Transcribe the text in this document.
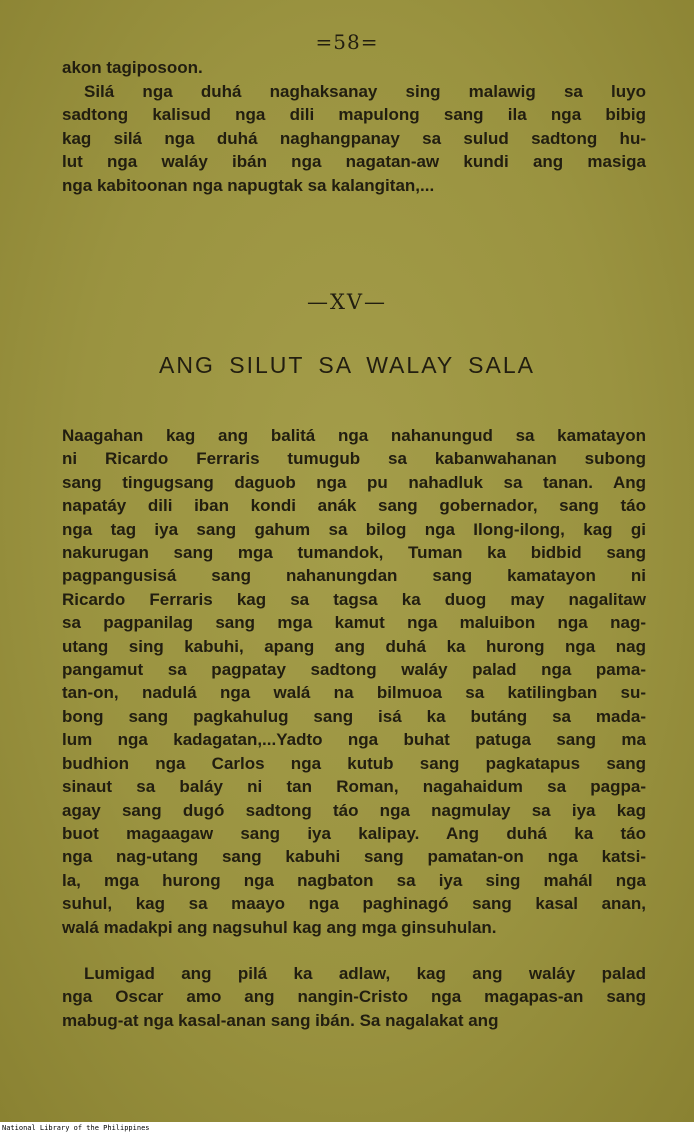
=58=
akon tagiposoon.
Silá nga duhá naghaksanay sing malawig sa luyo
sadtong kalisud nga dili mapulong sang ila nga bibig
kag silá nga duhá naghangpanay sa sulud sadtong hu-
lut nga waláy ibán nga nagatan-aw kundi ang masiga
nga kabitoonan nga napugtak sa kalangitan,...
—XV—
ANG SILUT SA WALAY SALA
Naagahan kag ang balitá nga nahanungud sa kamatayon
ni Ricardo Ferraris tumugub sa kabanwahanan subong
sang tingugsang daguob nga pu nahadluk sa tanan. Ang
napatáy dili iban kondi anák sang gobernador, sang táo
nga tag iya sang gahum sa bilog nga Ilong-ilong, kag gi
nakurugan sang mga tumandok, Tuman ka bidbid sang
pagpangusisá sang nahanungdan sang kamatayon ni
Ricardo Ferraris kag sa tagsa ka duog may nagalitaw
sa pagpanilag sang mga kamut nga maluibon nga nag-
utang sing kabuhi, apang ang duhá ka hurong nga nag
pangamut sa pagpatay sadtong waláy palad nga pama-
tan-on, nadulá nga walá na bilmuoa sa katilingban su-
bong sang pagkahulug sang isá ka butáng sa mada-
lum nga kadagatan,...Yadto nga buhat patuga sang ma
budhion nga Carlos nga kutub sang pagkatapus sang
sinaut sa baláy ni tan Roman, nagahaidum sa pagpa-
agay sang dugó sadtong táo nga nagmulay sa iya kag
buot magaagaw sang iya kalipay. Ang duhá ka táo
nga nag-utang sang kabuhi sang pamatan-on nga katsi-
la, mga hurong nga nagbaton sa iya sing mahál nga
suhul, kag sa maayo nga paghinagó sang kasal anan,
walá madakpi ang nagsuhul kag ang mga ginsuhulan.
Lumigad ang pilá ka adlaw, kag ang waláy palad
nga Oscar amo ang nangin-Cristo nga magapas-an sang
mabug-at nga kasal-anan sang ibán. Sa nagalakat ang
National Library of the Philippines
